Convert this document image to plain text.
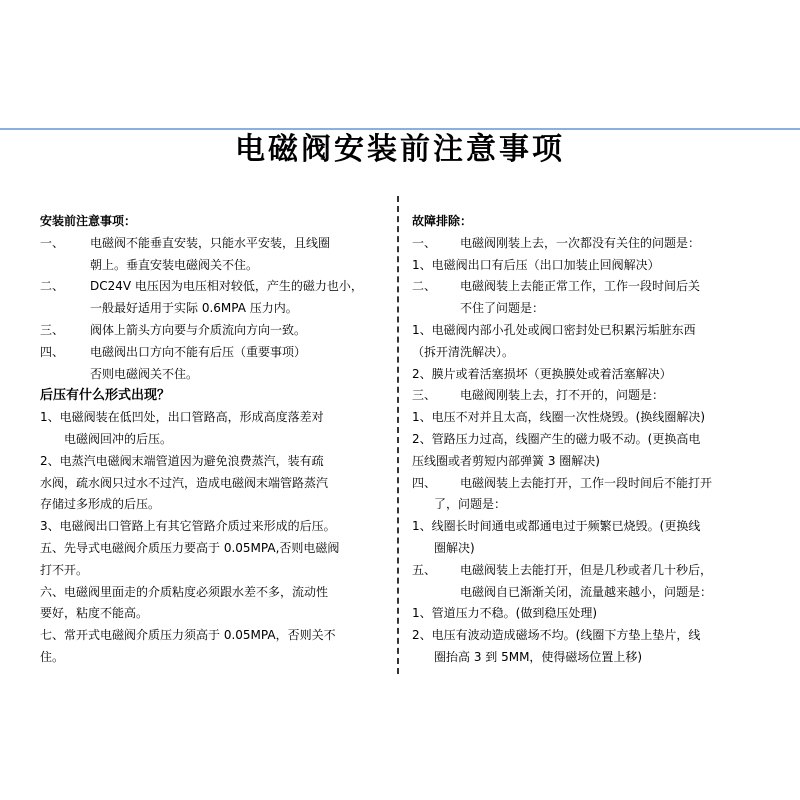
电磁阀安装前注意事项
安装前注意事项：
一、 电磁阀不能垂直安装，只能水平安装，且线圈
朝上。垂直安装电磁阀关不住。
二、 DC24V 电压因为电压相对较低，产生的磁力也小，
一般最好适用于实际 0.6MPA 压力内。
三、 阀体上箭头方向要与介质流向方向一致。
四、 电磁阀出口方向不能有后压（重要事项）
否则电磁阀关不住。
后压有什么形式出现？
1、电磁阀装在低凹处，出口管路高，形成高度落差对
电磁阀回冲的后压。
2、电蒸汽电磁阀末端管道因为避免浪费蒸汽，装有疏
水阀，疏水阀只过水不过汽，造成电磁阀末端管路蒸汽
存储过多形成的后压。
3、电磁阀出口管路上有其它管路介质过来形成的后压。
五、先导式电磁阀介质压力要高于 0.05MPA,否则电磁阀
打不开。
六、电磁阀里面走的介质粘度必须跟水差不多，流动性
要好，粘度不能高。
七、常开式电磁阀介质压力须高于 0.05MPA，否则关不
住。
故障排除：
一、 电磁阀刚装上去，一次都没有关住的问题是：
1、电磁阀出口有后压（出口加装止回阀解决）
二、 电磁阀装上去能正常工作，工作一段时间后关
不住了问题是：
1、电磁阀内部小孔处或阀口密封处已积累污垢脏东西
（拆开清洗解决）。
2、膜片或着活塞损坏（更换膜处或着活塞解决）
三、 电磁阀刚装上去，打不开的，问题是：
1、电压不对并且太高，线圈一次性烧毁。(换线圈解决)
2、管路压力过高，线圈产生的磁力吸不动。(更换高电
压线圈或者剪短内部弹簧 3 圈解决)
四、 电磁阀装上去能打开，工作一段时间后不能打开
了，问题是：
1、线圈长时间通电或都通电过于频繁已烧毁。(更换线
圈解决)
五、 电磁阀装上去能打开，但是几秒或者几十秒后，
电磁阀自已渐渐关闭，流量越来越小，问题是：
1、管道压力不稳。(做到稳压处理)
2、电压有波动造成磁场不均。(线圈下方垫上垫片，线
圈抬高 3 到 5MM，使得磁场位置上移)
